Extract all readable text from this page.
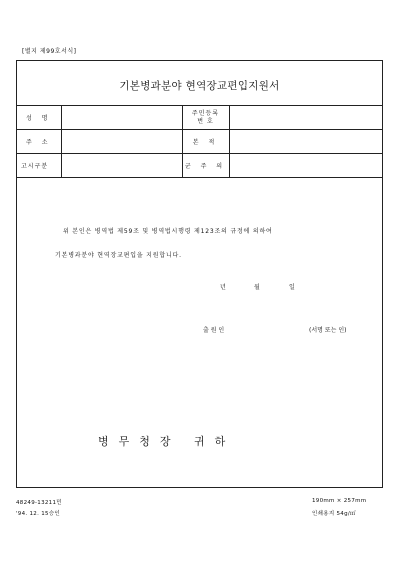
[별지 제99호서식]
기본병과분야 현역장교편입지원서
성 명		주민등록
번 호	

주 소		본 적	
고시구분		군 주 의	
위 본인은 병역법 제59조 및 병역법시행령 제123조의 규정에 의하여
기본병과분야 현역장교편입을 지원합니다.
년	월	일
출 원 인	(서명 또는 인)
병무청장 귀하
48249-13211민
'94. 12. 15승인
190mm × 257mm
인쇄용지 54g/㎡
